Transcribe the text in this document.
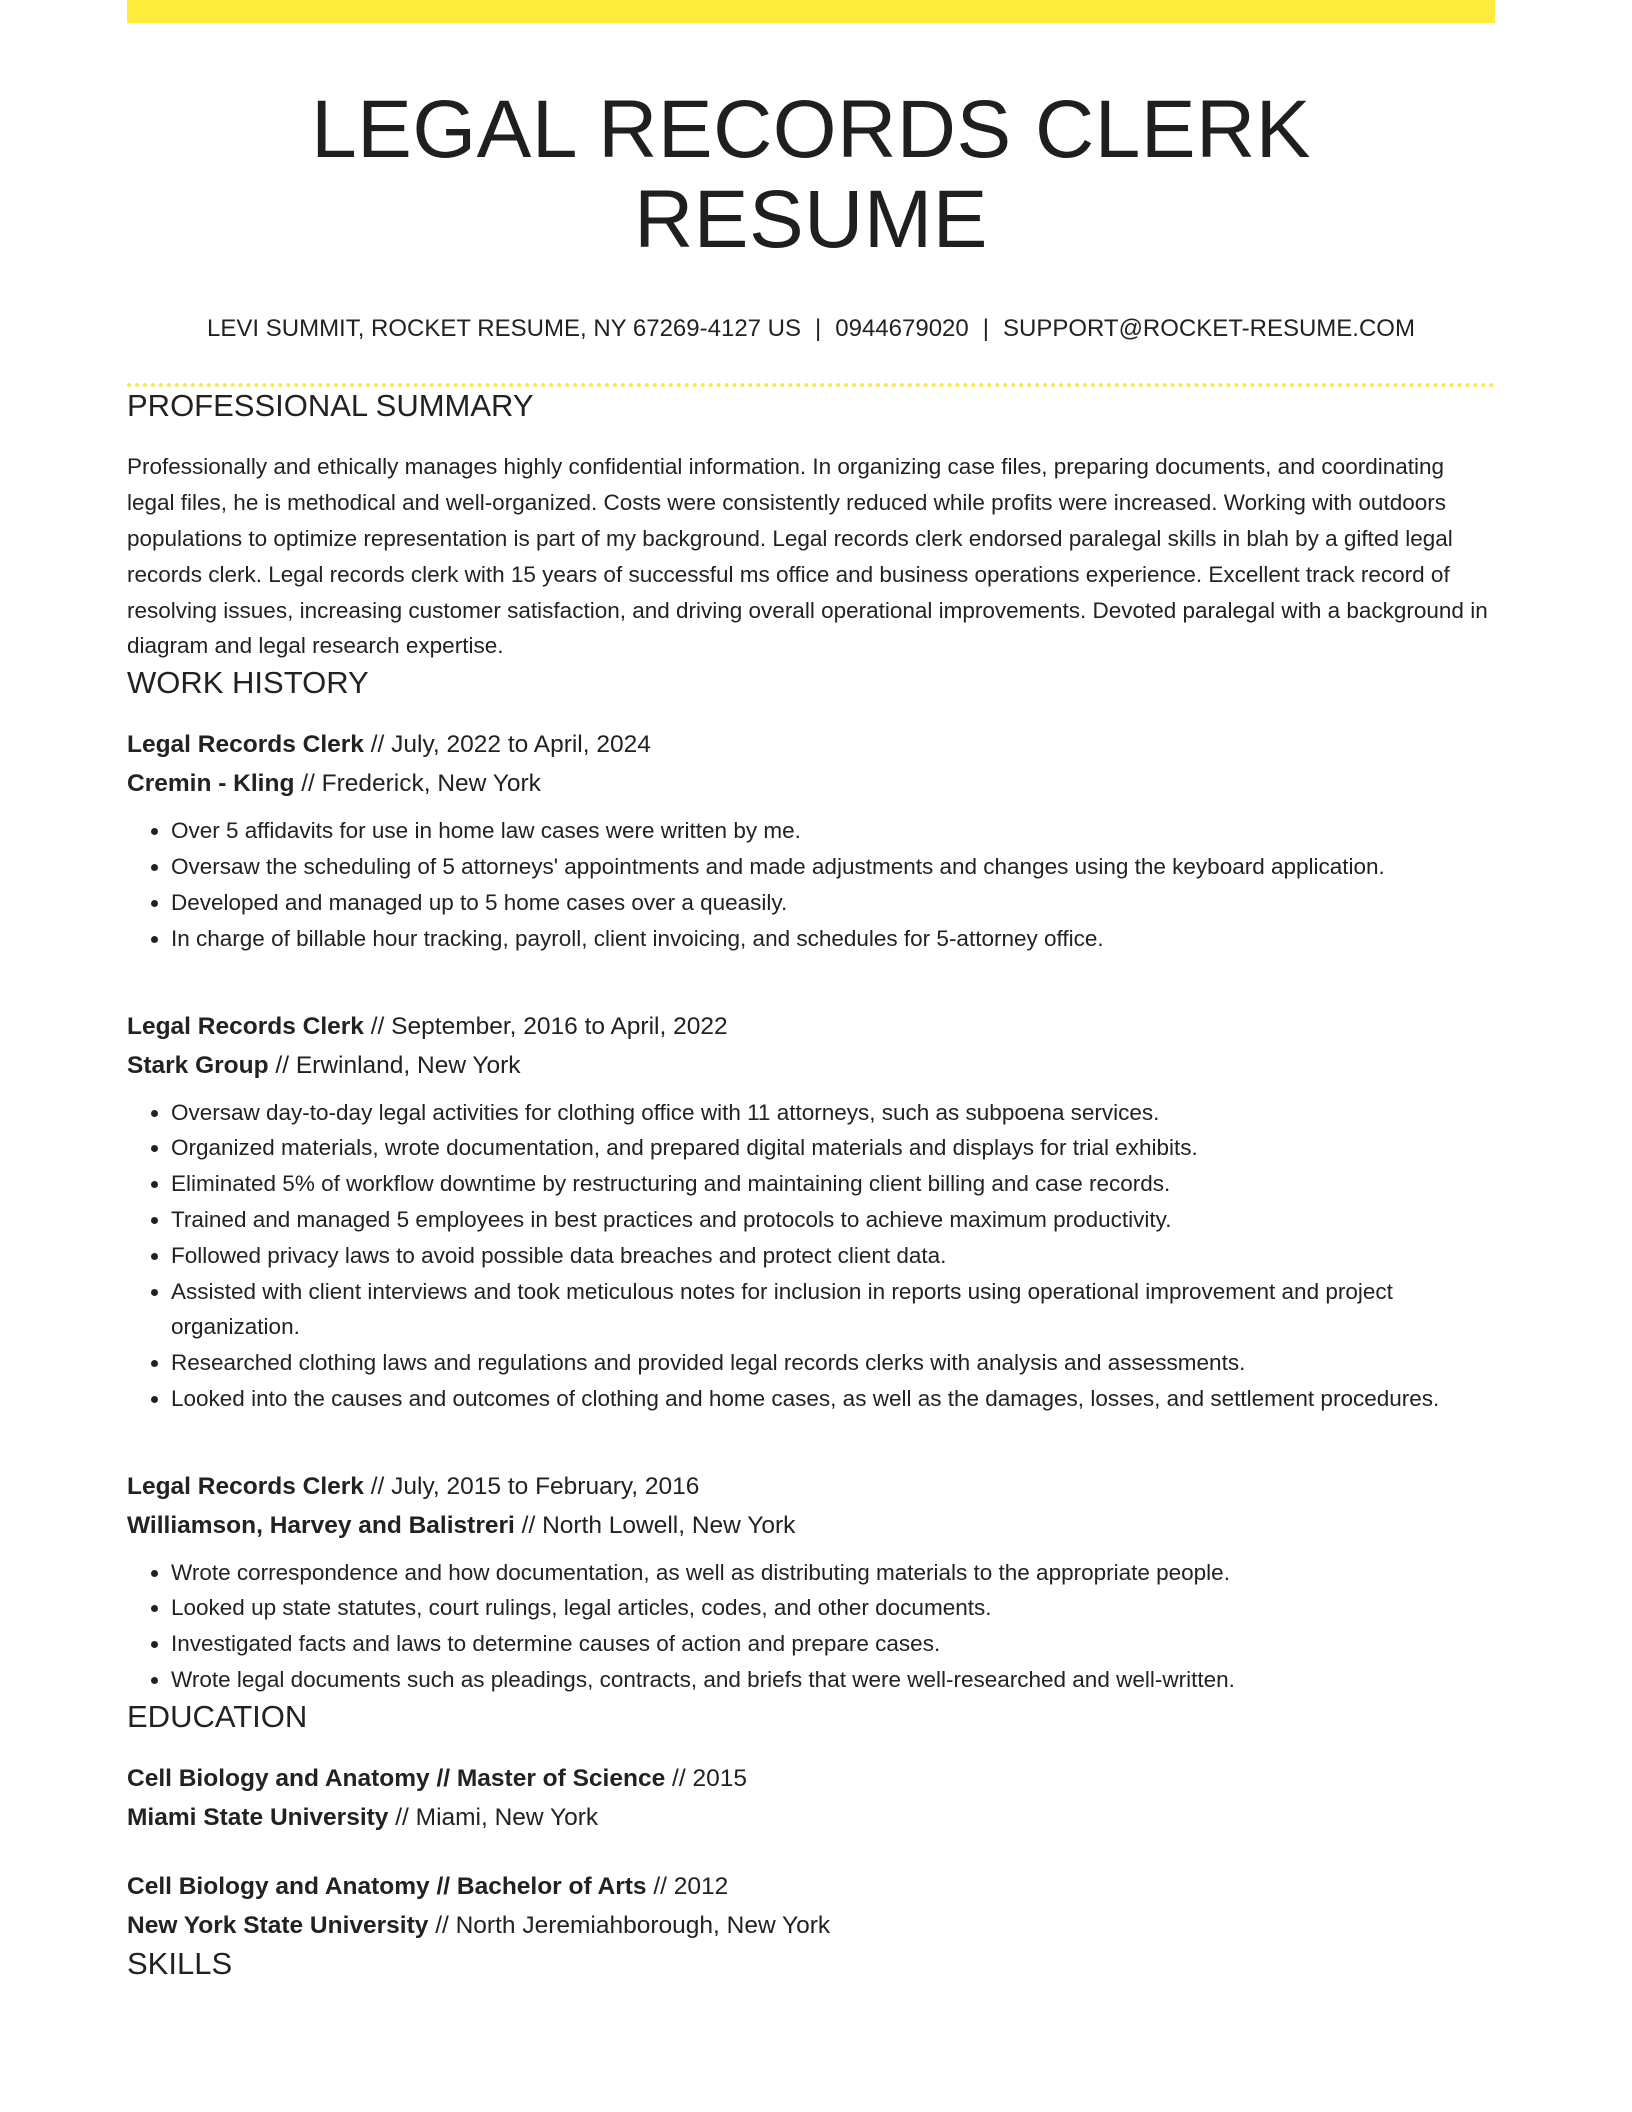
LEGAL RECORDS CLERK RESUME
LEVI SUMMIT, ROCKET RESUME, NY 67269-4127 US | 0944679020 | SUPPORT@ROCKET-RESUME.COM
PROFESSIONAL SUMMARY

Professionally and ethically manages highly confidential information. In organizing case files, preparing documents, and coordinating legal files, he is methodical and well-organized. Costs were consistently reduced while profits were increased. Working with outdoors populations to optimize representation is part of my background. Legal records clerk endorsed paralegal skills in blah by a gifted legal records clerk. Legal records clerk with 15 years of successful ms office and business operations experience. Excellent track record of resolving issues, increasing customer satisfaction, and driving overall operational improvements. Devoted paralegal with a background in diagram and legal research expertise.

WORK HISTORY
Legal Records Clerk // July, 2022 to April, 2024
Cremin - Kling // Frederick, New York
• Over 5 affidavits for use in home law cases were written by me.
• Oversaw the scheduling of 5 attorneys' appointments and made adjustments and changes using the keyboard application.
• Developed and managed up to 5 home cases over a queasily.
• In charge of billable hour tracking, payroll, client invoicing, and schedules for 5-attorney office.
Legal Records Clerk // September, 2016 to April, 2022
Stark Group // Erwinland, New York
• Oversaw day-to-day legal activities for clothing office with 11 attorneys, such as subpoena services.
• Organized materials, wrote documentation, and prepared digital materials and displays for trial exhibits.
• Eliminated 5% of workflow downtime by restructuring and maintaining client billing and case records.
• Trained and managed 5 employees in best practices and protocols to achieve maximum productivity.
• Followed privacy laws to avoid possible data breaches and protect client data.
• Assisted with client interviews and took meticulous notes for inclusion in reports using operational improvement and project organization.
• Researched clothing laws and regulations and provided legal records clerks with analysis and assessments.
• Looked into the causes and outcomes of clothing and home cases, as well as the damages, losses, and settlement procedures.
Legal Records Clerk // July, 2015 to February, 2016
Williamson, Harvey and Balistreri // North Lowell, New York
• Wrote correspondence and how documentation, as well as distributing materials to the appropriate people.
• Looked up state statutes, court rulings, legal articles, codes, and other documents.
• Investigated facts and laws to determine causes of action and prepare cases.
• Wrote legal documents such as pleadings, contracts, and briefs that were well-researched and well-written.
EDUCATION
Cell Biology and Anatomy // Master of Science // 2015
Miami State University // Miami, New York
Cell Biology and Anatomy // Bachelor of Arts // 2012
New York State University // North Jeremiahborough, New York
SKILLS
